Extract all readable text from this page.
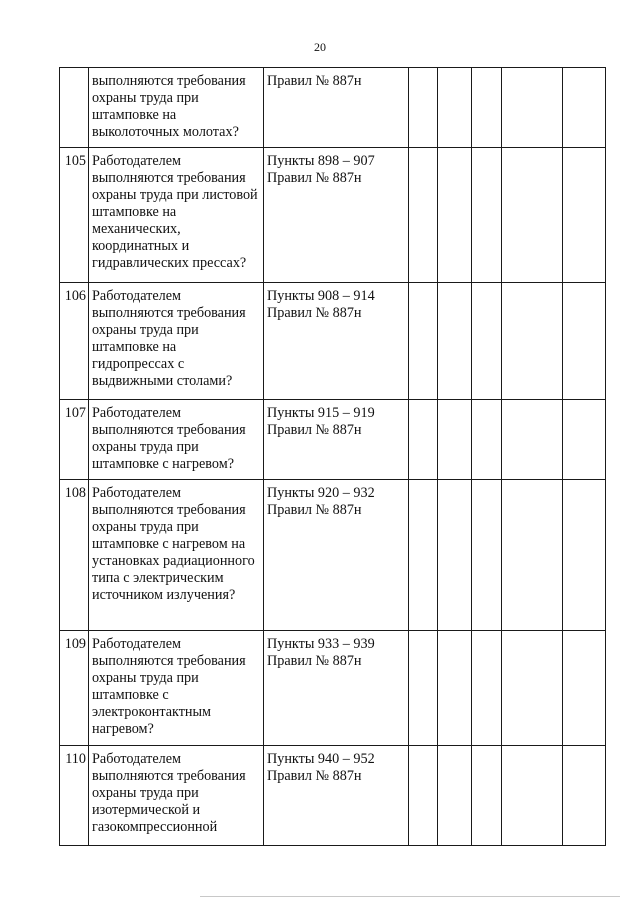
20
	выполняются требования охраны труда при штамповке на выколоточных молотах?	Правил № 887н					
105	Работодателем выполняются требования охраны труда при листовой штамповке на механических, координатных и гидравлических прессах?	Пункты 898 – 907 Правил № 887н					
106	Работодателем выполняются требования охраны труда при штамповке на гидропрессах с выдвижными столами?	Пункты 908 – 914 Правил № 887н					
107	Работодателем выполняются требования охраны труда при штамповке с нагревом?	Пункты 915 – 919 Правил № 887н					
108	Работодателем выполняются требования охраны труда при штамповке с нагревом на установках радиационного типа с электрическим источником излучения?	Пункты 920 – 932 Правил № 887н					
109	Работодателем выполняются требования охраны труда при штамповке с электроконтактным нагревом?	Пункты 933 – 939 Правил № 887н					
110	Работодателем выполняются требования охраны труда при изотермической и газокомпрессионной	Пункты 940 – 952 Правил № 887н					
